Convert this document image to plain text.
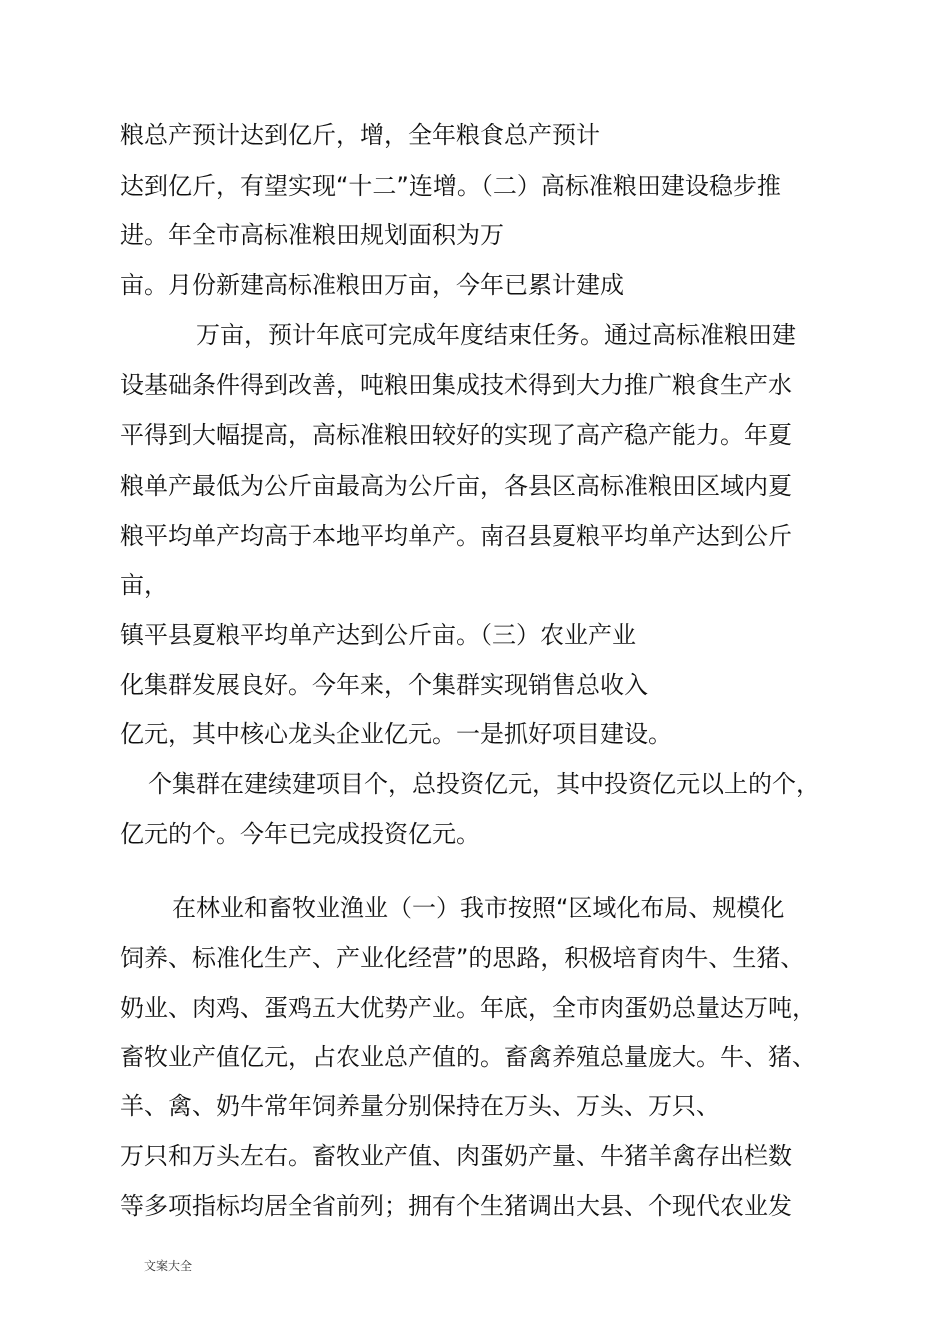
粮总产预计达到亿斤，增，全年粮食总产预计
达到亿斤，有望实现“十二”连增。（二）高标准粮田建设稳步推
进。年全市高标准粮田规划面积为万
亩。月份新建高标准粮田万亩，今年已累计建成
万亩，预计年底可完成年度结束任务。通过高标准粮田建
设基础条件得到改善，吨粮田集成技术得到大力推广粮食生产水
平得到大幅提高，高标准粮田较好的实现了高产稳产能力。年夏
粮单产最低为公斤亩最高为公斤亩，各县区高标准粮田区域内夏
粮平均单产均高于本地平均单产。南召县夏粮平均单产达到公斤
亩，
镇平县夏粮平均单产达到公斤亩。（三）农业产业
化集群发展良好。今年来，个集群实现销售总收入
亿元，其中核心龙头企业亿元。一是抓好项目建设。
个集群在建续建项目个，总投资亿元，其中投资亿元以上的个，
亿元的个。今年已完成投资亿元。
在林业和畜牧业渔业（一）我市按照“区域化布局、规模化
饲养、标准化生产、产业化经营”的思路，积极培育肉牛、生猪、
奶业、肉鸡、蛋鸡五大优势产业。年底，全市肉蛋奶总量达万吨，
畜牧业产值亿元，占农业总产值的。畜禽养殖总量庞大。牛、猪、
羊、禽、奶牛常年饲养量分别保持在万头、万头、万只、
万只和万头左右。畜牧业产值、肉蛋奶产量、牛猪羊禽存出栏数
等多项指标均居全省前列；拥有个生猪调出大县、个现代农业发
文案大全
